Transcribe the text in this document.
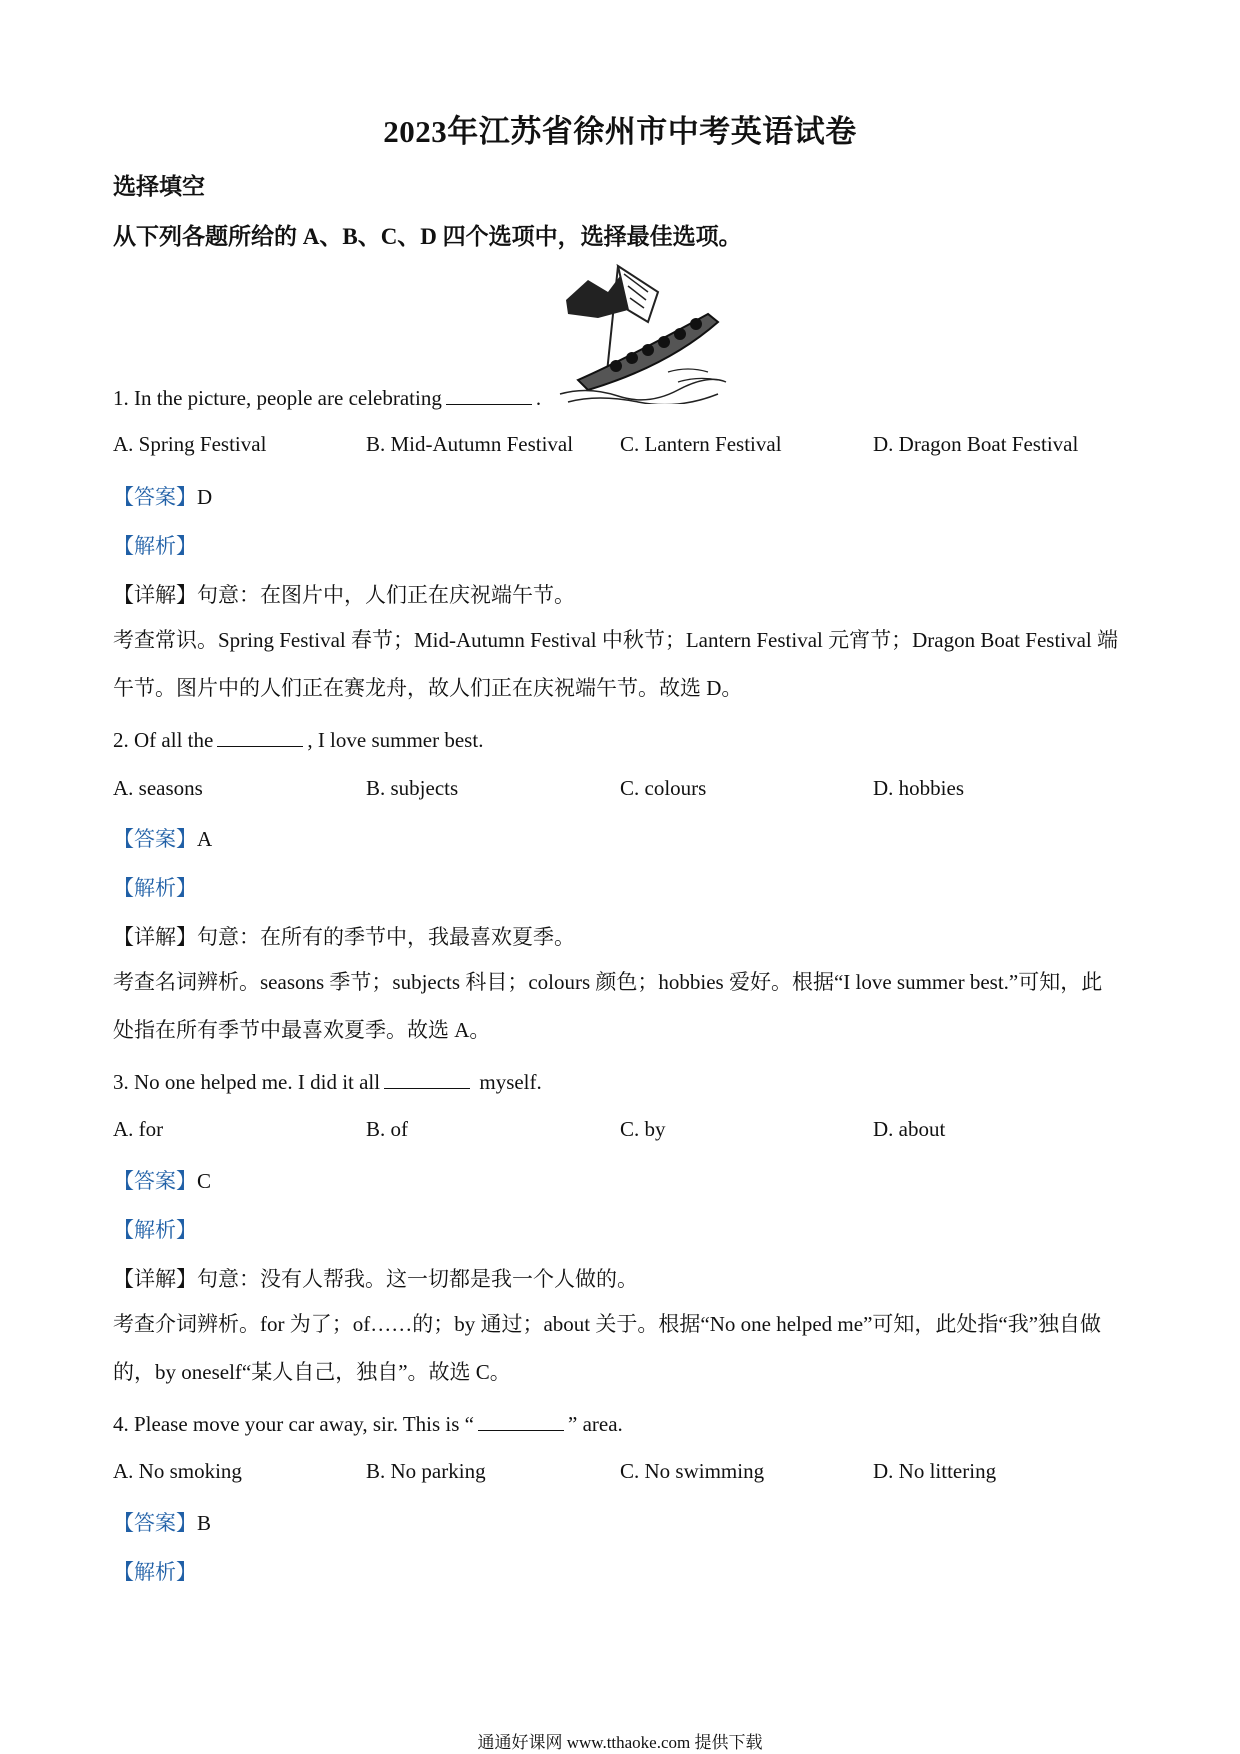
2023年江苏省徐州市中考英语试卷
选择填空
从下列各题所给的 A、B、C、D 四个选项中，选择最佳选项。
1. In the picture, people are celebrating	.
A. Spring Festival	B. Mid-Autumn Festival C. Lantern Festival	D. Dragon Boat Festival
【答案】D
【解析】
【详解】句意：在图片中，人们正在庆祝端午节。
考查常识。Spring Festival 春节；Mid-Autumn Festival 中秋节；Lantern Festival 元宵节；Dragon Boat Festival 端午节。图片中的人们正在赛龙舟，故人们正在庆祝端午节。故选 D。
2. Of all the	, I love summer best.
A. seasons	B. subjects	C. colours	D. hobbies
【答案】A
【解析】
【详解】句意：在所有的季节中，我最喜欢夏季。
考查名词辨析。seasons 季节；subjects 科目；colours 颜色；hobbies 爱好。根据“I love summer best.”可知，此处指在所有季节中最喜欢夏季。故选 A。
3. No one helped me. I did it all	myself.
A. for	B. of	C. by	D. about
【答案】C
【解析】
【详解】句意：没有人帮我。这一切都是我一个人做的。
考查介词辨析。for 为了；of……的；by 通过；about 关于。根据“No one helped me”可知，此处指“我”独自做的，by oneself“某人自己，独自”。故选 C。
4. Please move your car away, sir. This is “	” area.
A. No smoking	B. No parking	C. No swimming	D. No littering
【答案】B
【解析】
通通好课网 www.tthaoke.com 提供下载
